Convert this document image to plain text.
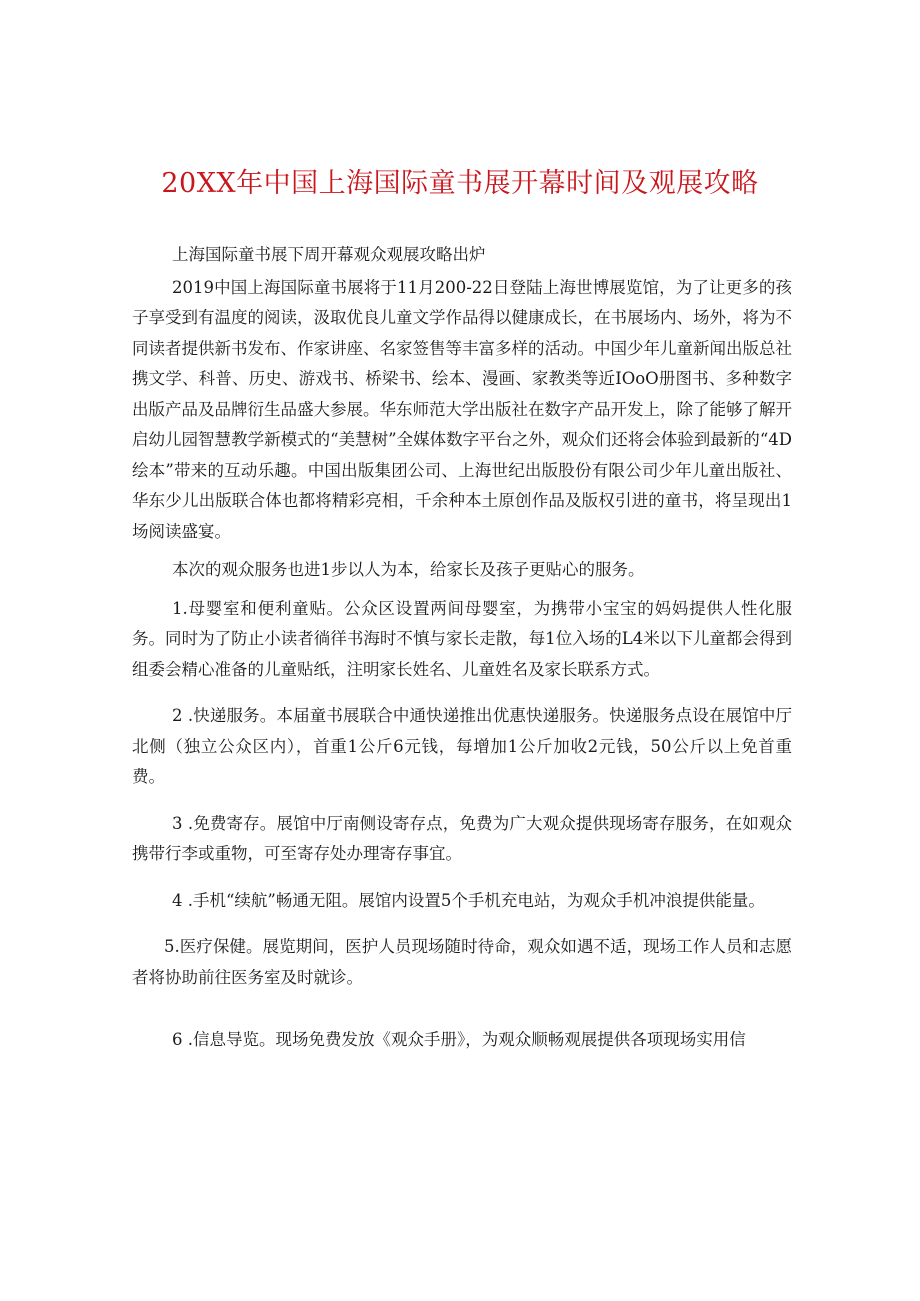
20XX年中国上海国际童书展开幕时间及观展攻略

上海国际童书展下周开幕观众观展攻略出炉

2019中国上海国际童书展将于11月200-22日登陆上海世博展览馆，为了让更多的孩子享受到有温度的阅读，汲取优良儿童文学作品得以健康成长，在书展场内、场外，将为不同读者提供新书发布、作家讲座、名家签售等丰富多样的活动。中国少年儿童新闻出版总社携文学、科普、历史、游戏书、桥梁书、绘本、漫画、家教类等近IOoO册图书、多种数字出版产品及品牌衍生品盛大参展。华东师范大学出版社在数字产品开发上，除了能够了解开启幼儿园智慧教学新模式的“美慧树”全媒体数字平台之外，观众们还将会体验到最新的“4D绘本”带来的互动乐趣。中国出版集团公司、上海世纪出版股份有限公司少年儿童出版社、华东少儿出版联合体也都将精彩亮相，千余种本土原创作品及版权引进的童书，将呈现出1场阅读盛宴。

本次的观众服务也进1步以人为本，给家长及孩子更贴心的服务。

1.母婴室和便利童贴。公众区设置两间母婴室，为携带小宝宝的妈妈提供人性化服务。同时为了防止小读者徜徉书海时不慎与家长走散，每1位入场的L4米以下儿童都会得到组委会精心准备的儿童贴纸，注明家长姓名、儿童姓名及家长联系方式。

2 .快递服务。本届童书展联合中通快递推出优惠快递服务。快递服务点设在展馆中厅北侧（独立公众区内），首重1公斤6元钱，每增加1公斤加收2元钱，50公斤以上免首重费。

3 .免费寄存。展馆中厅南侧设寄存点，免费为广大观众提供现场寄存服务，在如观众携带行李或重物，可至寄存处办理寄存事宜。

4 .手机“续航”畅通无阻。展馆内设置5个手机充电站，为观众手机冲浪提供能量。

5.医疗保健。展览期间，医护人员现场随时待命，观众如遇不适，现场工作人员和志愿者将协助前往医务室及时就诊。

6 .信息导览。现场免费发放《观众手册》，为观众顺畅观展提供各项现场实用信
